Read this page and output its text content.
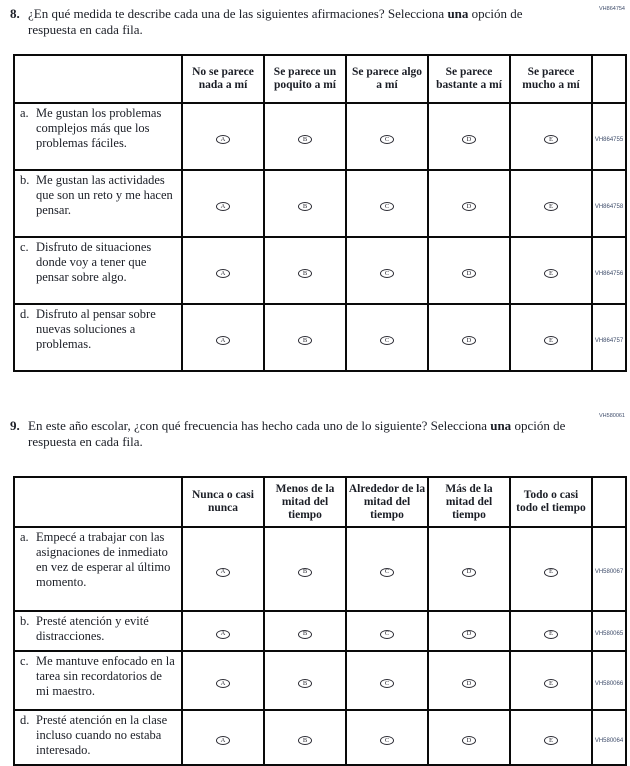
VH864754
8. ¿En qué medida te describe cada una de las siguientes afirmaciones? Selecciona una opción de respuesta en cada fila.

	No se parece nada a mí	Se parece un poquito a mí	Se parece algo a mí	Se parece bastante a mí	Se parece mucho a mí	
a. Me gustan los problemas complejos más que los problemas fáciles.	A	B	C	D	E	VH864755
b. Me gustan las actividades que son un reto y me hacen pensar.	A	B	C	D	E	VH864758
c. Disfruto de situaciones donde voy a tener que pensar sobre algo.	A	B	C	D	E	VH864756
d. Disfruto al pensar sobre nuevas soluciones a problemas.	A	B	C	D	E	VH864757
VH580061
9. En este año escolar, ¿con qué frecuencia has hecho cada uno de lo siguiente? Selecciona una opción de respuesta en cada fila.

	Nunca o casi nunca	Menos de la mitad del tiempo	Alrededor de la mitad del tiempo	Más de la mitad del tiempo	Todo o casi todo el tiempo	
a. Empecé a trabajar con las asignaciones de inmediato en vez de esperar al último momento.	A	B	C	D	E	VH580067
b. Presté atención y evité distracciones.	A	B	C	D	E	VH580065
c. Me mantuve enfocado en la tarea sin recordatorios de mi maestro.	A	B	C	D	E	VH580066
d. Presté atención en la clase incluso cuando no estaba interesado.	A	B	C	D	E	VH580064
